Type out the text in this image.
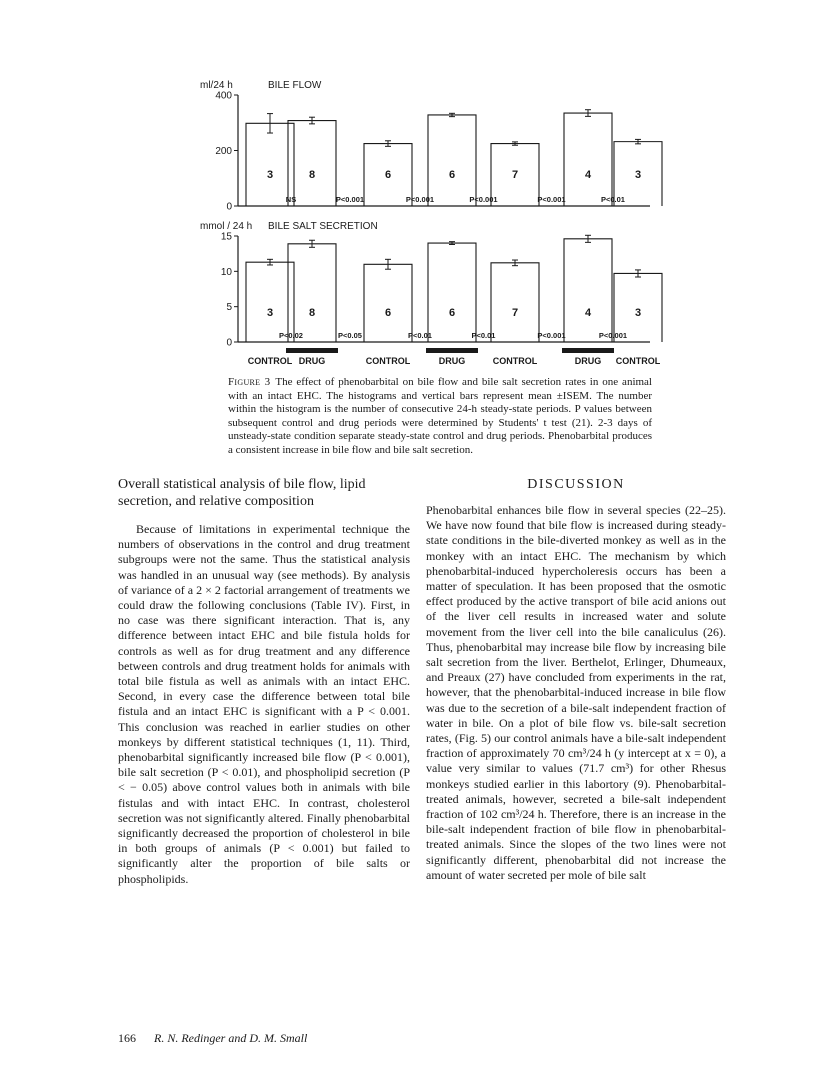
ml/24 h	BILE FLOW
0
200
400
3	8	6	6	7	4	3
NS	P<0.001	P<0.001	P<0.001	P<0.001	P<0.01
mmol / 24 h BILE SALT SECRETION
0
5
10
15
3	8	6	6	7	4	3
P<0.02	P<0.05	P<0.01	P<0.01	P<0.001	P<0.001
CONTROL DRUG	CONTROL	DRUG	CONTROL	DRUG CONTROL

Figure 3 The effect of phenobarbital on bile flow and bile salt secretion rates in one animal with an intact EHC. The histograms and vertical bars represent mean ±ISEM. The number within the histogram is the number of consecutive 24-h steady-state periods. P values between subsequent control and drug periods were determined by Students' t test (21). 2-3 days of unsteady-state condition separate steady-state control and drug periods. Phenobarbital produces a consistent increase in bile flow and bile salt secretion.

Overall statistical analysis of bile flow, lipid secretion, and relative composition

Because of limitations in experimental technique the numbers of observations in the control and drug treatment subgroups were not the same. Thus the statistical analysis was handled in an unusual way (see methods). By analysis of variance of a 2 × 2 factorial arrangement of treatments we could draw the following conclusions (Table IV). First, in no case was there significant interaction. That is, any difference between intact EHC and bile fistula holds for controls as well as for drug treatment and any difference between controls and drug treatment holds for animals with total bile fistula as well as animals with an intact EHC. Second, in every case the difference between total bile fistula and an intact EHC is significant with a P < 0.001. This conclusion was reached in earlier studies on other monkeys by different statistical techniques (1, 11). Third, phenobarbital significantly increased bile flow (P < 0.001), bile salt secretion (P < 0.01), and phospholipid secretion (P < − 0.05) above control values both in animals with bile fistulas and with intact EHC. In contrast, cholesterol secretion was not significantly altered. Finally phenobarbital significantly decreased the proportion of cholesterol in bile in both groups of animals (P < 0.001) but failed to significantly alter the proportion of bile salts or phospholipids.

DISCUSSION

Phenobarbital enhances bile flow in several species (22–25). We have now found that bile flow is increased during steady-state conditions in the bile-diverted monkey as well as in the monkey with an intact EHC. The mechanism by which phenobarbital-induced hypercholeresis occurs has been a matter of speculation. It has been proposed that the osmotic effect produced by the active transport of bile acid anions out of the liver cell results in increased water and solute movement from the liver cell into the bile canaliculus (26). Thus, phenobarbital may increase bile flow by increasing bile salt secretion from the liver. Berthelot, Erlinger, Dhumeaux, and Preaux (27) have concluded from experiments in the rat, however, that the phenobarbital-induced increase in bile flow was due to the secretion of a bile-salt independent fraction of water in bile. On a plot of bile flow vs. bile-salt secretion rates, (Fig. 5) our control animals have a bile-salt independent fraction of approximately 70 cm³/24 h (y intercept at x = 0), a value very similar to values (71.7 cm³) for other Rhesus monkeys studied earlier in this labortory (9). Phenobarbital-treated animals, however, secreted a bile-salt independent fraction of 102 cm³/24 h. Therefore, there is an increase in the bile-salt independent fraction of bile flow in phenobarbital-treated animals. Since the slopes of the two lines were not significantly different, phenobarbital did not increase the amount of water secreted per mole of bile salt

166 R. N. Redinger and D. M. Small
